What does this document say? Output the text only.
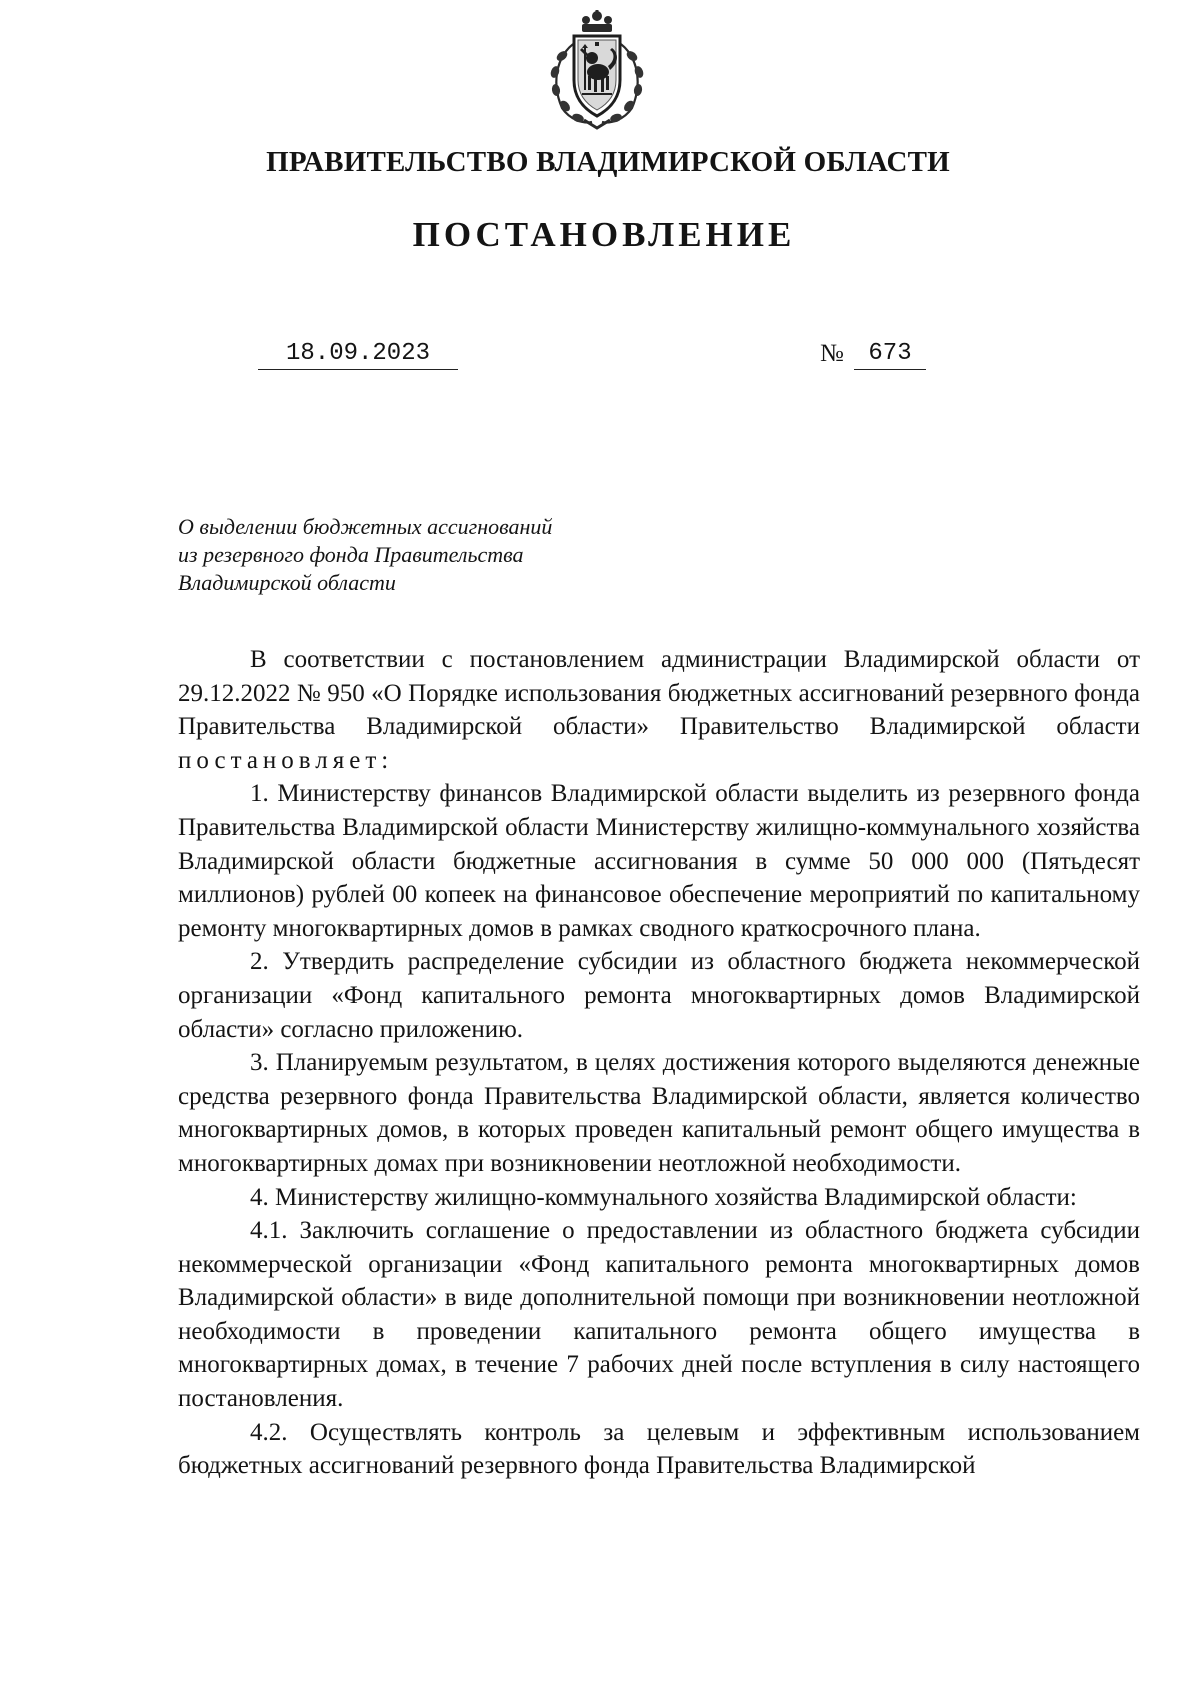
ПРАВИТЕЛЬСТВО ВЛАДИМИРСКОЙ ОБЛАСТИ
ПОСТАНОВЛЕНИЕ
18.09.2023	№	673
О выделении бюджетных ассигнований
из резервного фонда Правительства
Владимирской области

В соответствии с постановлением администрации Владимирской области от 29.12.2022 № 950 «О Порядке использования бюджетных ассигнований резервного фонда Правительства Владимирской области» Правительство Владимирской области постановляет:

1. Министерству финансов Владимирской области выделить из резервного фонда Правительства Владимирской области Министерству жилищно-коммунального хозяйства Владимирской области бюджетные ассигнования в сумме 50 000 000 (Пятьдесят миллионов) рублей 00 копеек на финансовое обеспечение мероприятий по капитальному ремонту многоквартирных домов в рамках сводного краткосрочного плана.

2. Утвердить распределение субсидии из областного бюджета некоммерческой организации «Фонд капитального ремонта многоквартирных домов Владимирской области» согласно приложению.

3. Планируемым результатом, в целях достижения которого выделяются денежные средства резервного фонда Правительства Владимирской области, является количество многоквартирных домов, в которых проведен капитальный ремонт общего имущества в многоквартирных домах при возникновении неотложной необходимости.

4. Министерству жилищно-коммунального хозяйства Владимирской области:

4.1. Заключить соглашение о предоставлении из областного бюджета субсидии некоммерческой организации «Фонд капитального ремонта многоквартирных домов Владимирской области» в виде дополнительной помощи при возникновении неотложной необходимости в проведении капитального ремонта общего имущества в многоквартирных домах, в течение 7 рабочих дней после вступления в силу настоящего постановления.

4.2. Осуществлять контроль за целевым и эффективным использованием бюджетных ассигнований резервного фонда Правительства Владимирской
